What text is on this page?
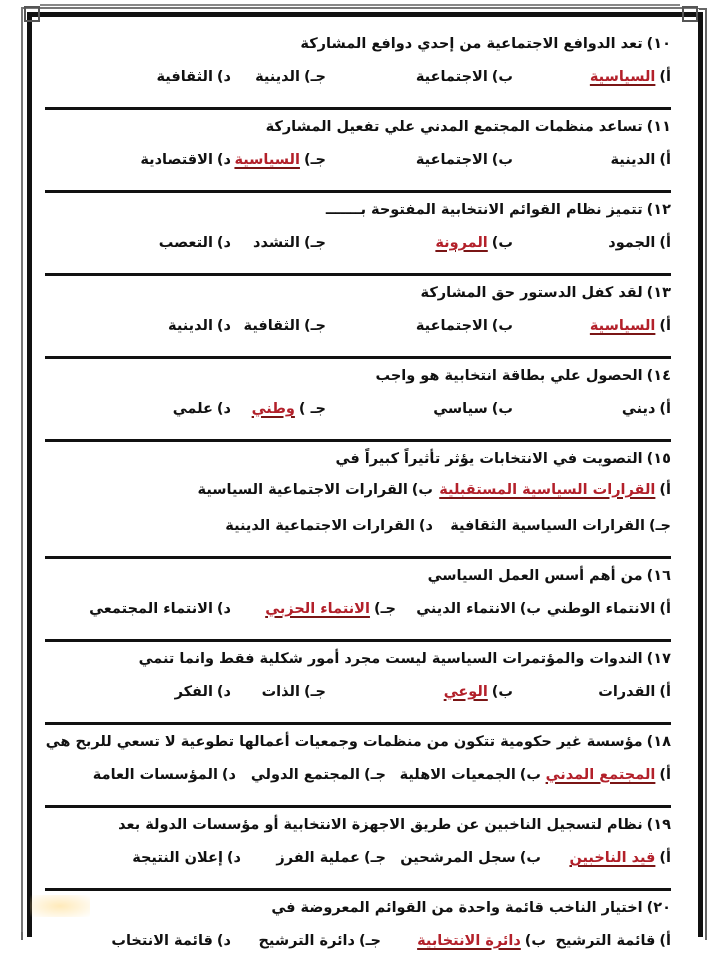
١٠)تعد الدوافع الاجتماعية من إحدي دوافع المشاركة
أ)السياسية
ب)الاجتماعية
جـ)الدينية
د)الثقافية
١١)تساعد منظمات المجتمع المدني علي تفعيل المشاركة
أ)الدينية
ب)الاجتماعية
جـ)السياسية
د)الاقتصادية
١٢)تتميز نظام القوائم الانتخابية المفتوحة بـــــــ
أ)الجمود
ب)المرونة
جـ)التشدد
د)التعصب
١٣)لقد كفل الدستور حق المشاركة
أ)السياسية
ب)الاجتماعية
جـ)الثقافية
د)الدينية
١٤)الحصول علي بطاقة انتخابية هو واجب
أ)ديني
ب)سياسي
جـ )وطني
د)علمي
١٥)التصويت في الانتخابات يؤثر تأثيراً كبيراً في
أ)القرارات السياسية المستقبلية
ب)القرارات الاجتماعية السياسية
جـ)القرارات السياسية الثقافية
د)القرارات الاجتماعية الدينية
١٦)من أهم أسس العمل السياسي
أ)الانتماء الوطني
ب)الانتماء الديني
جـ)الانتماء الحزبي
د)الانتماء المجتمعي
١٧)الندوات والمؤتمرات السياسية ليست مجرد أمور شكلية فقط وانما تنمي
أ)القدرات
ب)الوعي
جـ)الذات
د)الفكر
١٨)مؤسسة غير حكومية تتكون من منظمات وجمعيات أعمالها تطوعية لا تسعي للربح هي
أ)المجتمع المدني
ب)الجمعيات الاهلية
جـ)المجتمع الدولي
د)المؤسسات العامة
١٩)نظام لتسجيل الناخبين عن طريق الاجهزة الانتخابية أو مؤسسات الدولة بعد
أ)قيد الناخبين
ب)سجل المرشحين
جـ)عملية الفرز
د)إعلان النتيجة
٢٠)اختيار الناخب قائمة واحدة من القوائم المعروضة في
أ)قائمة الترشيح
ب)دائرة الانتخابية
جـ)دائرة الترشيح
د)قائمة الانتخاب
